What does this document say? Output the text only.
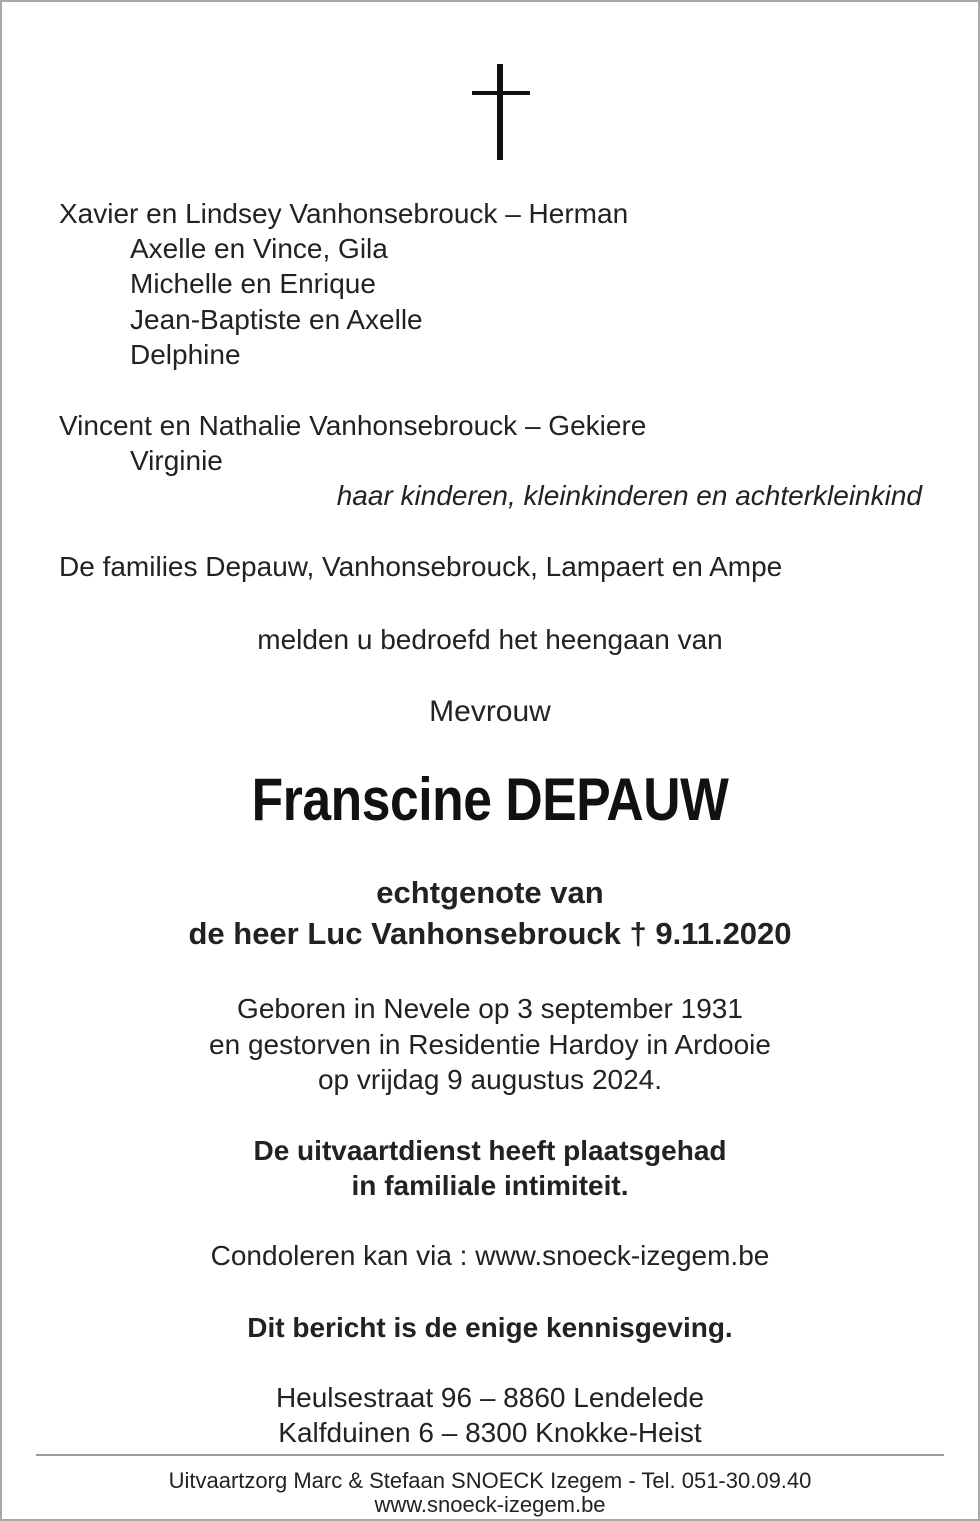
Xavier en Lindsey Vanhonsebrouck – Herman
Axelle en Vince, Gila
Michelle en Enrique
Jean-Baptiste en Axelle
Delphine
Vincent en Nathalie Vanhonsebrouck – Gekiere
Virginie
haar kinderen, kleinkinderen en achterkleinkind
De families Depauw, Vanhonsebrouck, Lampaert en Ampe
melden u bedroefd het heengaan van
Mevrouw
Franscine DEPAUW
echtgenote van
de heer Luc Vanhonsebrouck † 9.11.2020
Geboren in Nevele op 3 september 1931
en gestorven in Residentie Hardoy in Ardooie
op vrijdag 9 augustus 2024.
De uitvaartdienst heeft plaatsgehad
in familiale intimiteit.
Condoleren kan via : www.snoeck-izegem.be
Dit bericht is de enige kennisgeving.
Heulsestraat 96 – 8860 Lendelede
Kalfduinen 6 – 8300 Knokke-Heist
Uitvaartzorg Marc & Stefaan SNOECK Izegem - Tel. 051-30.09.40
www.snoeck-izegem.be
